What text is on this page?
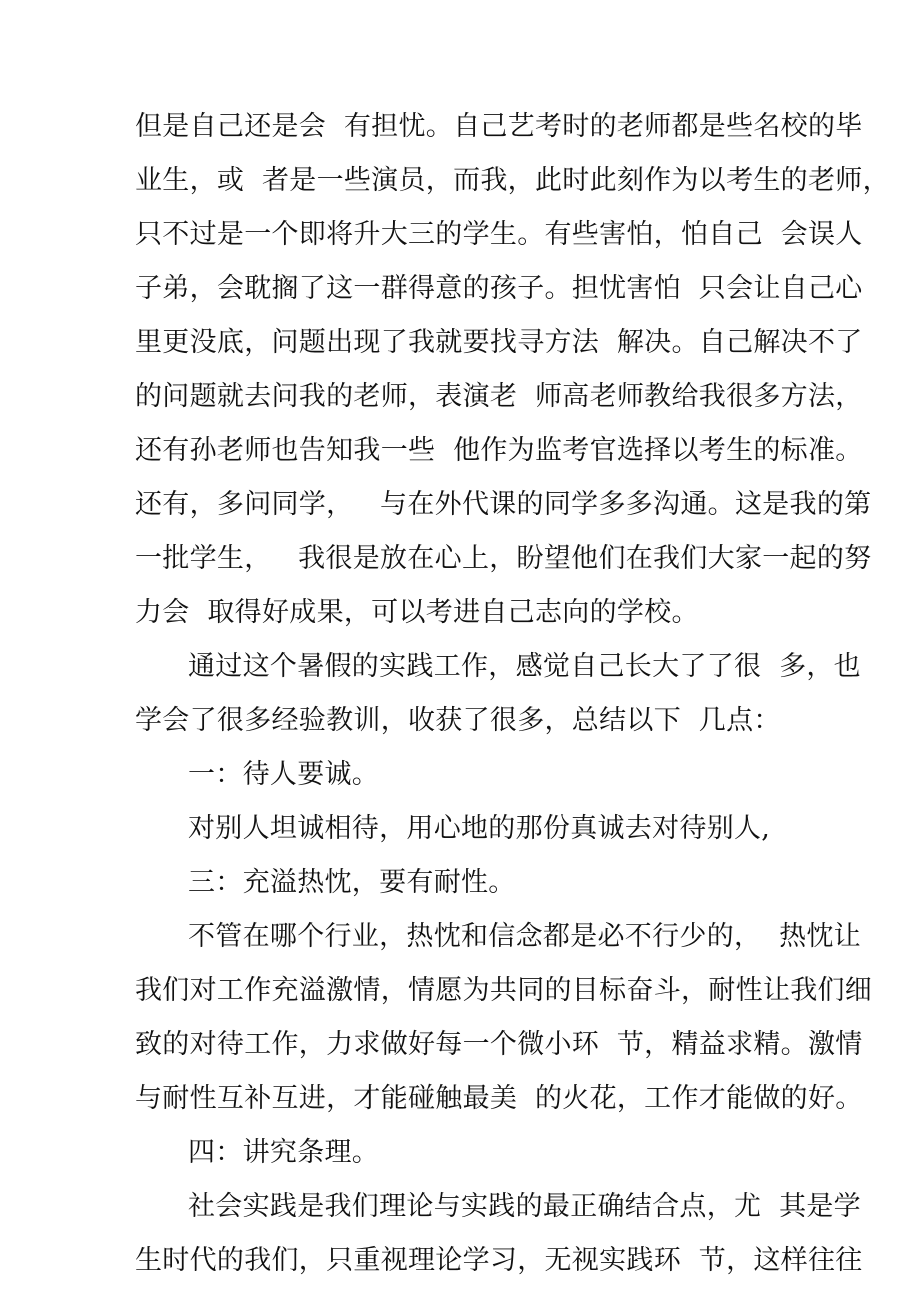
但是自己还是会  有担忧。自己艺考时的老师都是些名校的毕
业生，或  者是一些演员，而我，此时此刻作为以考生的老师，
只不过是一个即将升大三的学生。有些害怕，怕自己  会误人
子弟，会耽搁了这一群得意的孩子。担忧害怕  只会让自己心
里更没底，问题出现了我就要找寻方法  解决。自己解决不了
的问题就去问我的老师，表演老  师高老师教给我很多方法，
还有孙老师也告知我一些  他作为监考官选择以考生的标准。
还有，多问同学，   与在外代课的同学多多沟通。这是我的第
一批学生，   我很是放在心上，盼望他们在我们大家一起的努
力会  取得好成果，可以考进自己志向的学校。
通过这个暑假的实践工作，感觉自己长大了了很  多，也
学会了很多经验教训，收获了很多，总结以下  几点：
一：待人要诚。
对别人坦诚相待，用心地的那份真诚去对待别人,
三：充溢热忱，要有耐性。
不管在哪个行业，热忱和信念都是必不行少的，  热忱让
我们对工作充溢激情，情愿为共同的目标奋斗，耐性让我们细
致的对待工作，力求做好每一个微小环  节，精益求精。激情
与耐性互补互进，才能碰触最美  的火花，工作才能做的好。
四：讲究条理。
社会实践是我们理论与实践的最正确结合点，尤  其是学
生时代的我们，只重视理论学习，无视实践环  节，这样往往
